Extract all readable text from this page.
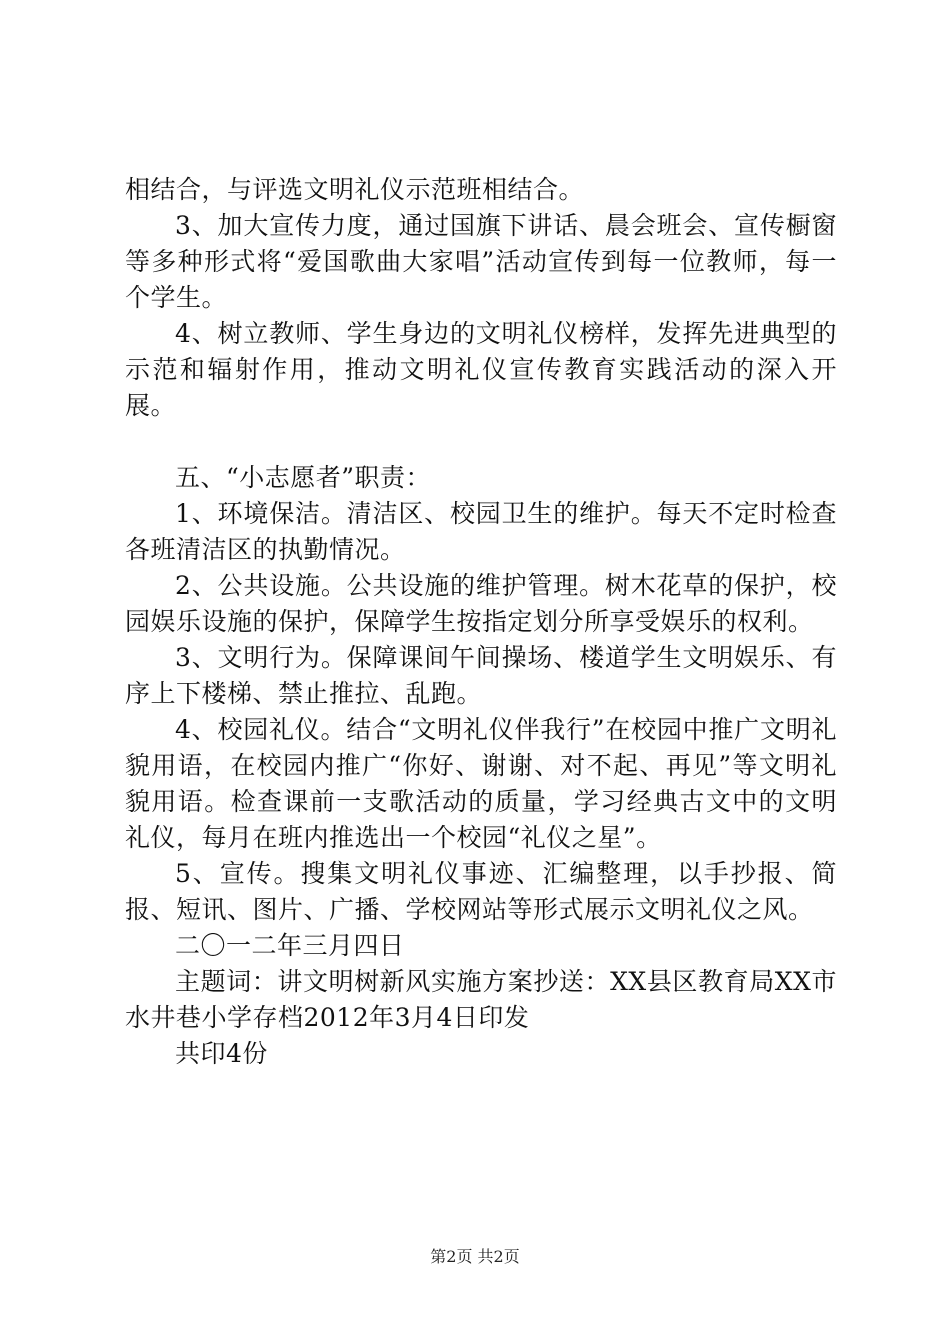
相结合，与评选文明礼仪示范班相结合。

3、加大宣传力度，通过国旗下讲话、晨会班会、宣传橱窗等多种形式将“爱国歌曲大家唱”活动宣传到每一位教师，每一个学生。

4、树立教师、学生身边的文明礼仪榜样，发挥先进典型的示范和辐射作用，推动文明礼仪宣传教育实践活动的深入开展。

五、“小志愿者”职责：

1、环境保洁。清洁区、校园卫生的维护。每天不定时检查各班清洁区的执勤情况。

2、公共设施。公共设施的维护管理。树木花草的保护，校园娱乐设施的保护，保障学生按指定划分所享受娱乐的权利。

3、文明行为。保障课间午间操场、楼道学生文明娱乐、有序上下楼梯、禁止推拉、乱跑。

4、校园礼仪。结合“文明礼仪伴我行”在校园中推广文明礼貌用语，在校园内推广“你好、谢谢、对不起、再见”等文明礼貌用语。检查课前一支歌活动的质量，学习经典古文中的文明礼仪，每月在班内推选出一个校园“礼仪之星”。

5、宣传。搜集文明礼仪事迹、汇编整理，以手抄报、简报、短讯、图片、广播、学校网站等形式展示文明礼仪之风。

二〇一二年三月四日

主题词：讲文明树新风实施方案抄送：XX县区教育局XX市水井巷小学存档2012年3月4日印发

共印4份

第2页 共2页
